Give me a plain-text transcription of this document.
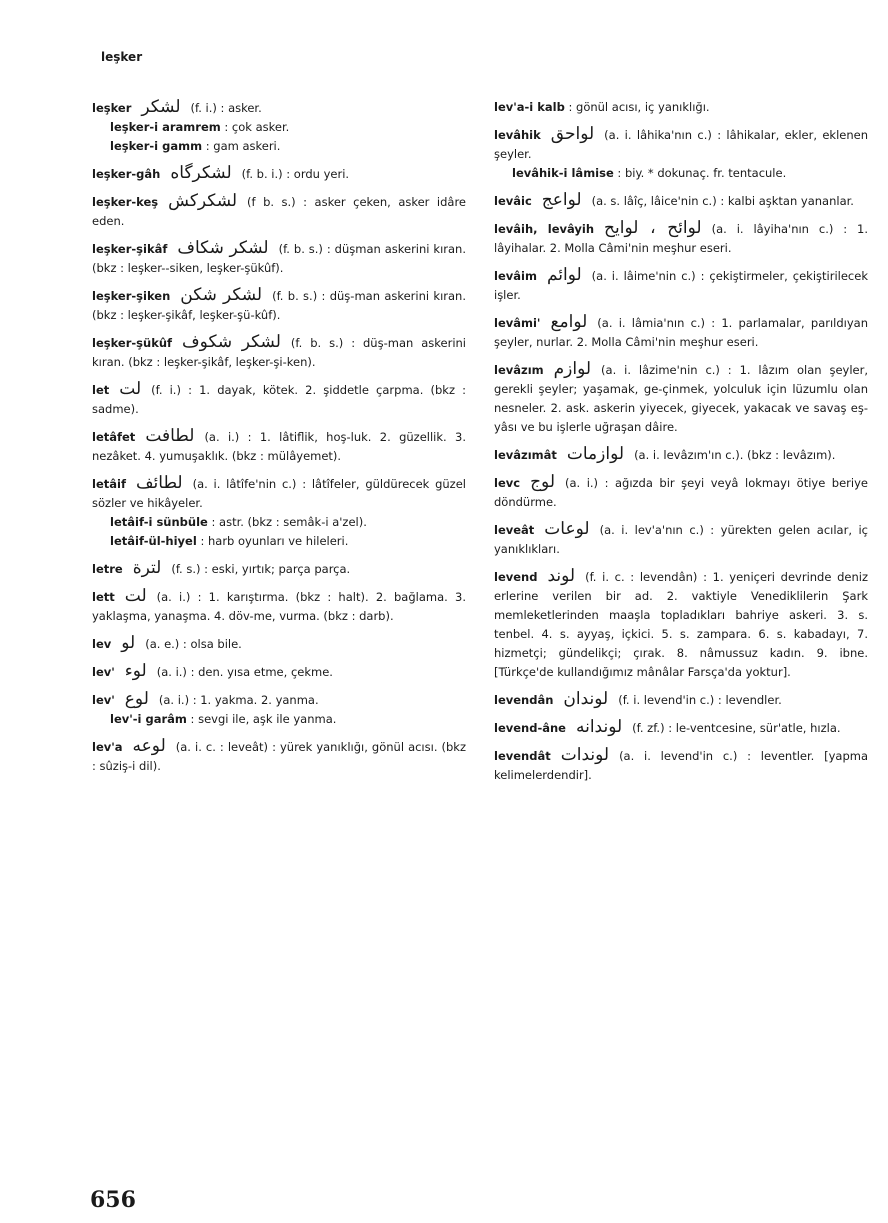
leşker
leşker لشكر (f. i.) : asker.
leşker-i aramrem : çok asker.
leşker-i gamm : gam askeri.
leşker-gâh لشكرگاه (f. b. i.) : ordu yeri.
leşker-keş لشكركش (f b. s.) : asker çeken, asker idâre eden.
leşker-şikâf لشكر شكاف (f. b. s.) : düşman askerini kıran. (bkz : leşker--siken, leşker-şükûf).
leşker-şiken لشكر شكن (f. b. s.) : düş-man askerini kıran. (bkz : leşker-şikâf, leşker-şü-kûf).
leşker-şükûf لشكر شكوف (f. b. s.) : düş-man askerini kıran. (bkz : leşker-şikâf, leşker-şi-ken).
let لت (f. i.) : 1. dayak, kötek. 2. şiddetle çarpma. (bkz : sadme).
letâfet لطافت (a. i.) : 1. lâtiflik, hoş-luk. 2. güzellik. 3. nezâket. 4. yumuşaklık. (bkz : mülâyemet).
letâif لطائف (a. i. lâtîfe'nin c.) : lâtîfeler, güldürecek güzel sözler ve hikâyeler.
letâif-i sünbüle : astr. (bkz : semâk-i a'zel).
letâif-ül-hiyel : harb oyunları ve hileleri.
letre لترة (f. s.) : eski, yırtık; parça parça.
lett لت (a. i.) : 1. karıştırma. (bkz : halt). 2. bağlama. 3. yaklaşma, yanaşma. 4. döv-me, vurma. (bkz : darb).
lev لو (a. e.) : olsa bile.
lev' لوء (a. i.) : den. yısa etme, çekme.
lev' لوع (a. i.) : 1. yakma. 2. yanma.
lev'-i garâm : sevgi ile, aşk ile yanma.
lev'a لوعه (a. i. c. : leveât) : yürek yanıklığı, gönül acısı. (bkz : sûziş-i dil).
lev'a-i kalb : gönül acısı, iç yanıklığı.
levâhik لواحق (a. i. lâhika'nın c.) : lâhikalar, ekler, eklenen şeyler.
levâhik-i lâmise : biy. * dokunaç. fr. tentacule.
levâic لواعج (a. s. lâîç, lâice'nin c.) : kalbi aşktan yananlar.
levâih, levâyih لوائح ، لوايح (a. i. lâyiha'nın c.) : 1. lâyihalar. 2. Molla Câmi'nin meşhur eseri.
levâim لوائم (a. i. lâime'nin c.) : çekiştirmeler, çekiştirilecek işler.
levâmi' لوامع (a. i. lâmia'nın c.) : 1. parlamalar, parıldıyan şeyler, nurlar. 2. Molla Câmi'nin meşhur eseri.
levâzım لوازم (a. i. lâzime'nin c.) : 1. lâzım olan şeyler, gerekli şeyler; yaşamak, ge-çinmek, yolculuk için lüzumlu olan nesneler. 2. ask. askerin yiyecek, giyecek, yakacak ve savaş eş-yâsı ve bu işlerle uğraşan dâire.
levâzımât لوازمات (a. i. levâzım'ın c.). (bkz : levâzım).
levc لوج (a. i.) : ağızda bir şeyi veyâ lokmayı ötiye beriye döndürme.
leveât لوعات (a. i. lev'a'nın c.) : yürekten gelen acılar, iç yanıklıkları.
levend لوند (f. i. c. : levendân) : 1. yeniçeri devrinde deniz erlerine verilen bir ad. 2. vaktiyle Venediklilerin Şark memleketlerinden maaşla topladıkları bahriye askeri. 3. s. tenbel. 4. s. ayyaş, içkici. 5. s. zampara. 6. s. kabadayı, 7. hizmetçi; gündelikçi; çırak. 8. nâmussuz kadın. 9. ibne. [Türkçe'de kullandığımız mânâlar Farsça'da yoktur].
levendân لوندان (f. i. levend'in c.) : levendler.
levend-âne لوندانه (f. zf.) : le-ventcesine, sür'atle, hızla.
levendât لوندات (a. i. levend'in c.) : leventler. [yapma kelimelerdendir].
656
